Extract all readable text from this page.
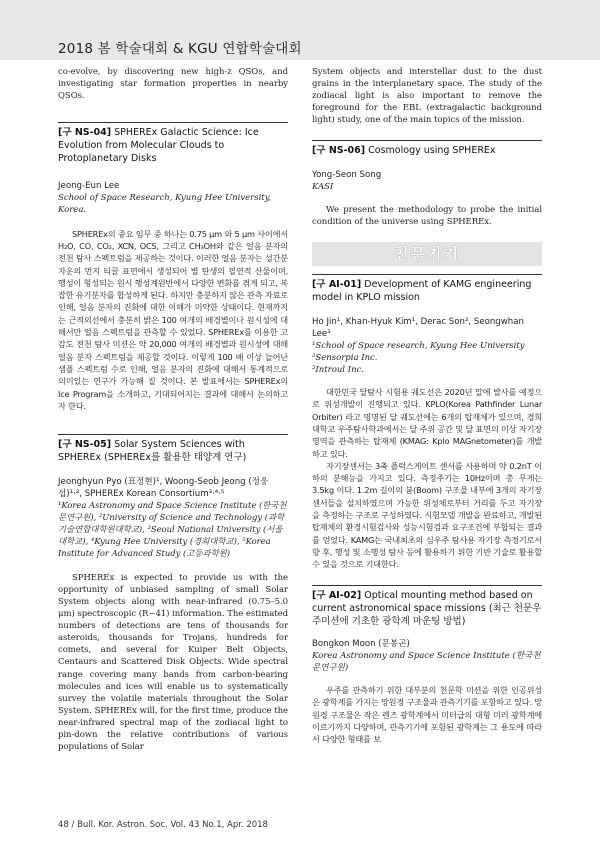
2018 봄 학술대회 & KGU 연합학술대회

co-evolve, by discovering new high-z QSOs, and investigating star formation properties in nearby QSOs.

[구 NS-04] SPHEREx Galactic Science: Ice Evolution from Molecular Clouds to Protoplanetary Disks

Jeong-Eun Lee

School of Space Research, Kyung Hee University, Korea.

SPHEREx의 중요 임무 중 하나는 0.75 μm 와 5 μm 사이에서 H₂O, CO, CO₂, XCN, OCS, 그리고 CH₃OH와 같은 얼음 분자의 전천 탐사 스펙트럼을 제공하는 것이다. 이러한 얼음 분자는 성간분자운의 먼지 티끌 표면에서 생성되어 별 탄생의 필연적 산물이며, 행성이 형성되는 원시 행성계원반에서 다양한 변화를 겪게 되고, 복잡한 유기분자를 합성하게 된다. 하지만 충분하지 않은 관측 자료로 인해, 얼음 분자의 진화에 대한 이해가 미약한 상태이다. 현재까지는 근적외선에서 충분히 밝은 100 여개의 배경별이나 원시성에 대해서만 얼음 스펙트럼을 관측할 수 있었다. SPHEREx를 이용한 고감도 전천 탐사 미션은 약 20,000 여개의 배경별과 원시성에 대해 얼음 분자 스펙트럼을 제공할 것이다. 이렇게 100 배 이상 늘어난 샘플 스펙트럼 수로 인해, 얼음 분자의 진화에 대해서 통계적으로 의미있는 연구가 가능해 질 것이다. 본 발표에서는 SPHEREx의 Ice Program을 소개하고, 기대되어지는 결과에 대해서 논의하고자 한다.

[구 NS-05] Solar System Sciences with SPHEREx (SPHEREx를 활용한 태양계 연구)

Jeonghyun Pyo (표정현)¹, Woong-Seob Jeong (정웅섭)¹·², SPHEREx Korean Consortium³·⁴·⁵

¹Korea Astronomy and Space Science Institute (한국천문연구원), ²University of Science and Technology (과학기술연합대학원대학교), ³Seoul National University (서울대학교), ⁴Kyung Hee University (경희대학교), ⁵Korea Institute for Advanced Study (고등과학원)

SPHEREx is expected to provide us with the opportunity of unbiased sampling of small Solar System objects along with near-infrared (0.75–5.0 μm) spectroscopic (R~41) information. The estimated numbers of detections are tens of thousands for asteroids, thousands for Trojans, hundreds for comets, and several for Kuiper Belt Objects, Centaurs and Scattered Disk Objects. Wide spectral range covering many bands from carbon-bearing molecules and ices will enable us to systematically survey the volatile materials throughout the Solar System. SPHEREx will, for the first time, produce the near-infrared spectral map of the zodiacal light to pin-down the relative contributions of various populations of Solar

System objects and interstellar dust to the dust grains in the interplanetary space. The study of the zodiacal light is also important to remove the foreground for the EBL (extragalactic background light) study, one of the main topics of the mission.

[구 NS-06] Cosmology using SPHEREx

Yong-Seon Song

KASI

We present the methodology to probe the initial condition of the universe using SPHEREx.

천문기기
[구 AI-01] Development of KAMG engineering model in KPLO mission

Ho Jin¹, Khan-Hyuk Kim¹, Derac Son², Seongwhan Lee³

¹School of Space research, Kyung Hee University

²Sensorpia Inc.

³Introul Inc.

대한민국 달탐사 시험용 궤도선은 2020년 말에 발사를 예정으로 위성개발이 진행되고 있다. KPLO(Korea Pathfinder Lunar Orbiter) 라고 명명된 달 궤도선에는 6개의 탑재체가 있으며, 경희대학교 우주탐사학과에서는 달 주위 공간 및 달 표면의 이상 자기장 영역을 관측하는 탑재체 (KMAG: Kplo MAGnetometer)를 개발하고 있다.

자기장센서는 3축 플럭스게이트 센서를 사용하며 약 0.2nT 이하의 분해능을 가지고 있다. 측정주기는 10Hz이며 총 무게는 3.5kg 이다. 1.2m 길이의 붐(Boom) 구조물 내부에 3개의 자기장 센서들을 설치하였으며 가능한 위성체로부터 거리를 두고 자기장을 측정하는 구조로 구성하였다. 시험모델 개발을 완료하고, 개발된 탑재체의 환경시험검사와 성능시험검과 요구조건에 부합되는 결과를 얻었다. KAMG는 국내최초의 심우주 탐사용 자기장 측정기로서 향 후, 행성 및 소행성 탐사 등에 활용하기 위한 기반 기술로 활용할 수 있을 것으로 기대한다.

[구 AI-02] Optical mounting method based on current astronomical space missions (최근 천문우주미션에 기초한 광학계 마운팅 방법)

Bongkon Moon (문봉곤)

Korea Astronomy and Space Science Institute (한국천문연구원)

우주를 관측하기 위한 대부분의 천문학 미션을 위한 인공위성은 광학계를 가지는 망원경 구조물과 관측기기를 포함하고 있다. 망원경 구조물은 작은 렌즈 광학계에서 미터급의 대형 미러 광학계에 이르기까지 다양하며, 관측기기에 포함된 광학계는 그 용도에 따라서 다양한 형태를 보

48 / Bull. Kor. Astron. Soc. Vol. 43 No.1, Apr. 2018
